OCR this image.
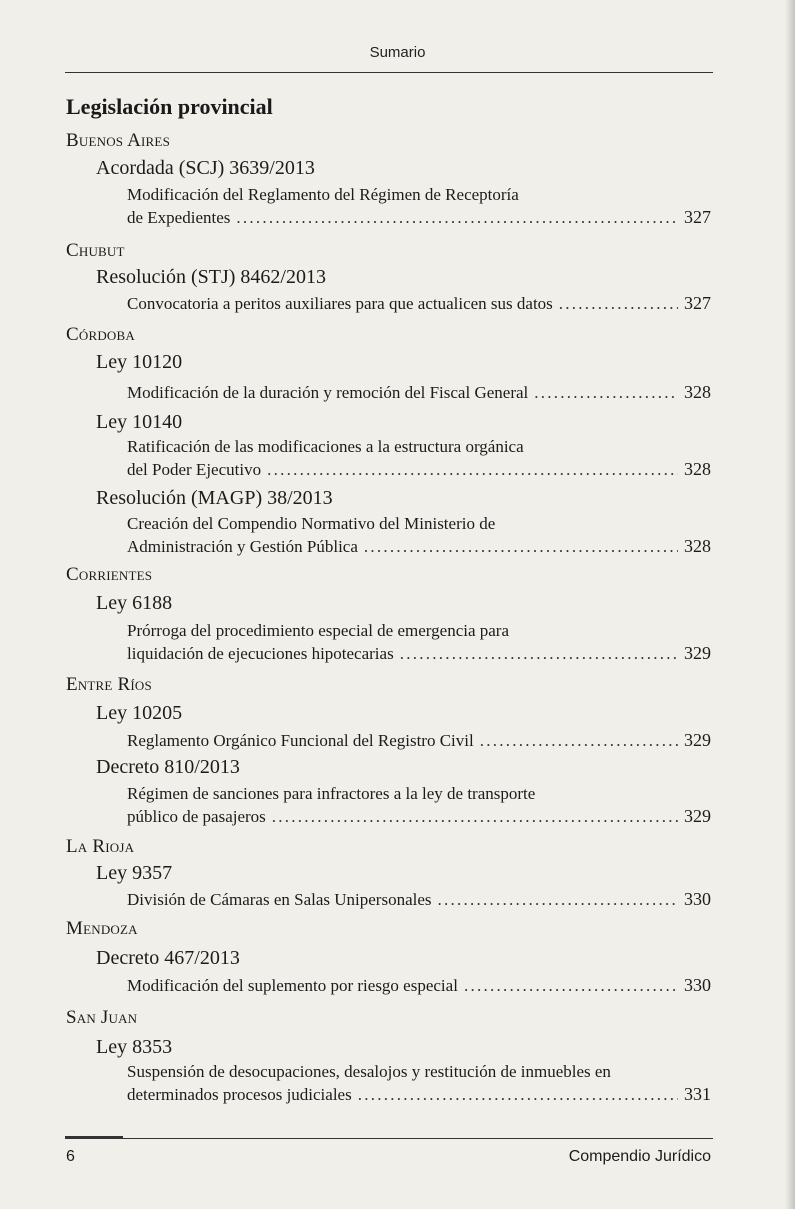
Sumario
Legislación provincial
Buenos Aires
Acordada (SCJ) 3639/2013
Modificación del Reglamento del Régimen de Receptoría
de Expedientes . . .	327
Chubut
Resolución (STJ) 8462/2013
Convocatoria a peritos auxiliares para que actualicen sus datos . . .	327
Córdoba
Ley 10120
Modificación de la duración y remoción del Fiscal General . . .	328
Ley 10140
Ratificación de las modificaciones a la estructura orgánica
del Poder Ejecutivo . . .	328
Resolución (MAGP) 38/2013
Creación del Compendio Normativo del Ministerio de
Administración y Gestión Pública . . .	328
Corrientes
Ley 6188
Prórroga del procedimiento especial de emergencia para
liquidación de ejecuciones hipotecarias . . .	329
Entre Ríos
Ley 10205
Reglamento Orgánico Funcional del Registro Civil . . .	329
Decreto 810/2013
Régimen de sanciones para infractores a la ley de transporte
público de pasajeros . . .	329
La Rioja
Ley 9357
División de Cámaras en Salas Unipersonales . . .	330
Mendoza
Decreto 467/2013
Modificación del suplemento por riesgo especial . . .	330
San Juan
Ley 8353
Suspensión de desocupaciones, desalojos y restitución de inmuebles en
determinados procesos judiciales . . .	331
6	Compendio Jurídico
